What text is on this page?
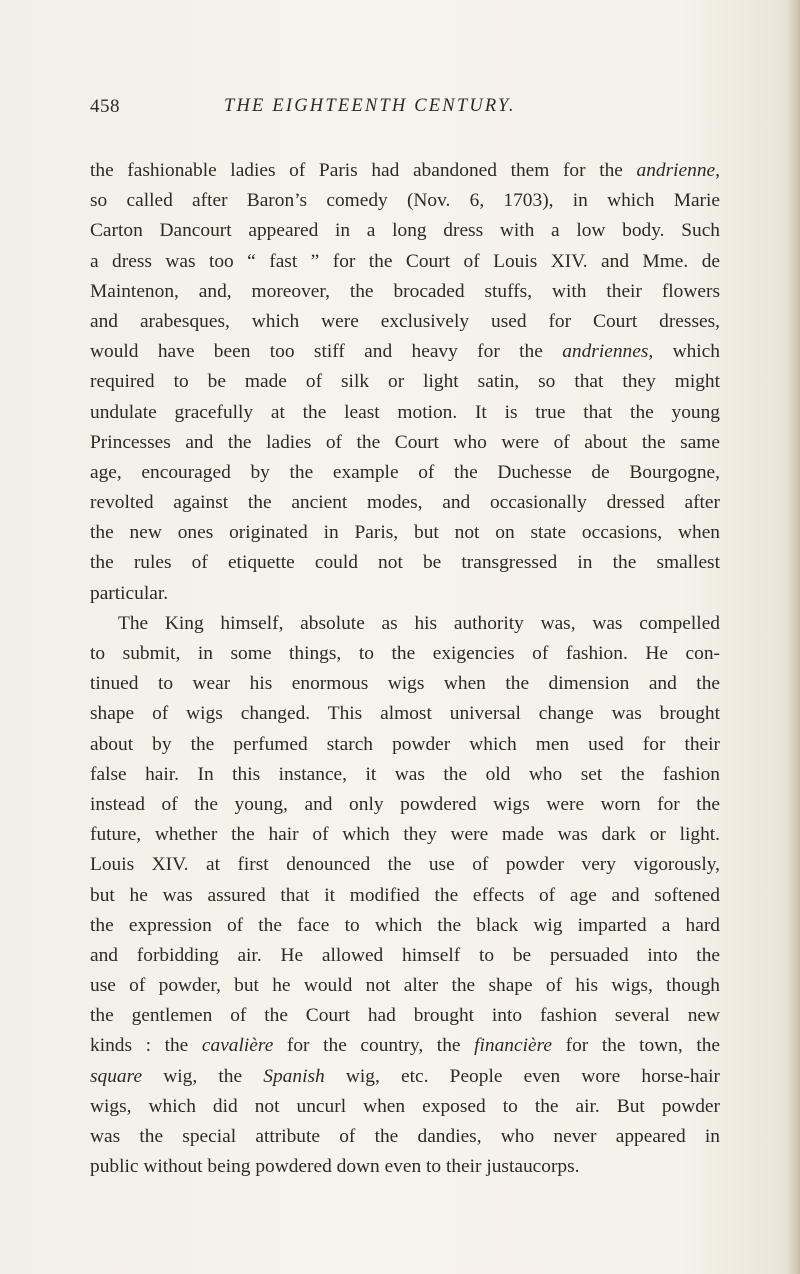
458	THE EIGHTEENTH CENTURY.

the fashionable ladies of Paris had abandoned them for the andrienne,
so called after Baron’s comedy (Nov. 6, 1703), in which Marie
Carton Dancourt appeared in a long dress with a low body. Such
a dress was too “ fast ” for the Court of Louis XIV. and Mme. de
Maintenon, and, moreover, the brocaded stuffs, with their flowers
and arabesques, which were exclusively used for Court dresses,
would have been too stiff and heavy for the andriennes, which
required to be made of silk or light satin, so that they might
undulate gracefully at the least motion. It is true that the young
Princesses and the ladies of the Court who were of about the same
age, encouraged by the example of the Duchesse de Bourgogne,
revolted against the ancient modes, and occasionally dressed after
the new ones originated in Paris, but not on state occasions, when
the rules of etiquette could not be transgressed in the smallest
particular.

The King himself, absolute as his authority was, was compelled
to submit, in some things, to the exigencies of fashion. He con-
tinued to wear his enormous wigs when the dimension and the
shape of wigs changed. This almost universal change was brought
about by the perfumed starch powder which men used for their
false hair. In this instance, it was the old who set the fashion
instead of the young, and only powdered wigs were worn for the
future, whether the hair of which they were made was dark or light.
Louis XIV. at first denounced the use of powder very vigorously,
but he was assured that it modified the effects of age and softened
the expression of the face to which the black wig imparted a hard
and forbidding air. He allowed himself to be persuaded into the
use of powder, but he would not alter the shape of his wigs, though
the gentlemen of the Court had brought into fashion several new
kinds : the cavalière for the country, the financière for the town, the
square wig, the Spanish wig, etc. People even wore horse-hair
wigs, which did not uncurl when exposed to the air. But powder
was the special attribute of the dandies, who never appeared in
public without being powdered down even to their justaucorps.
